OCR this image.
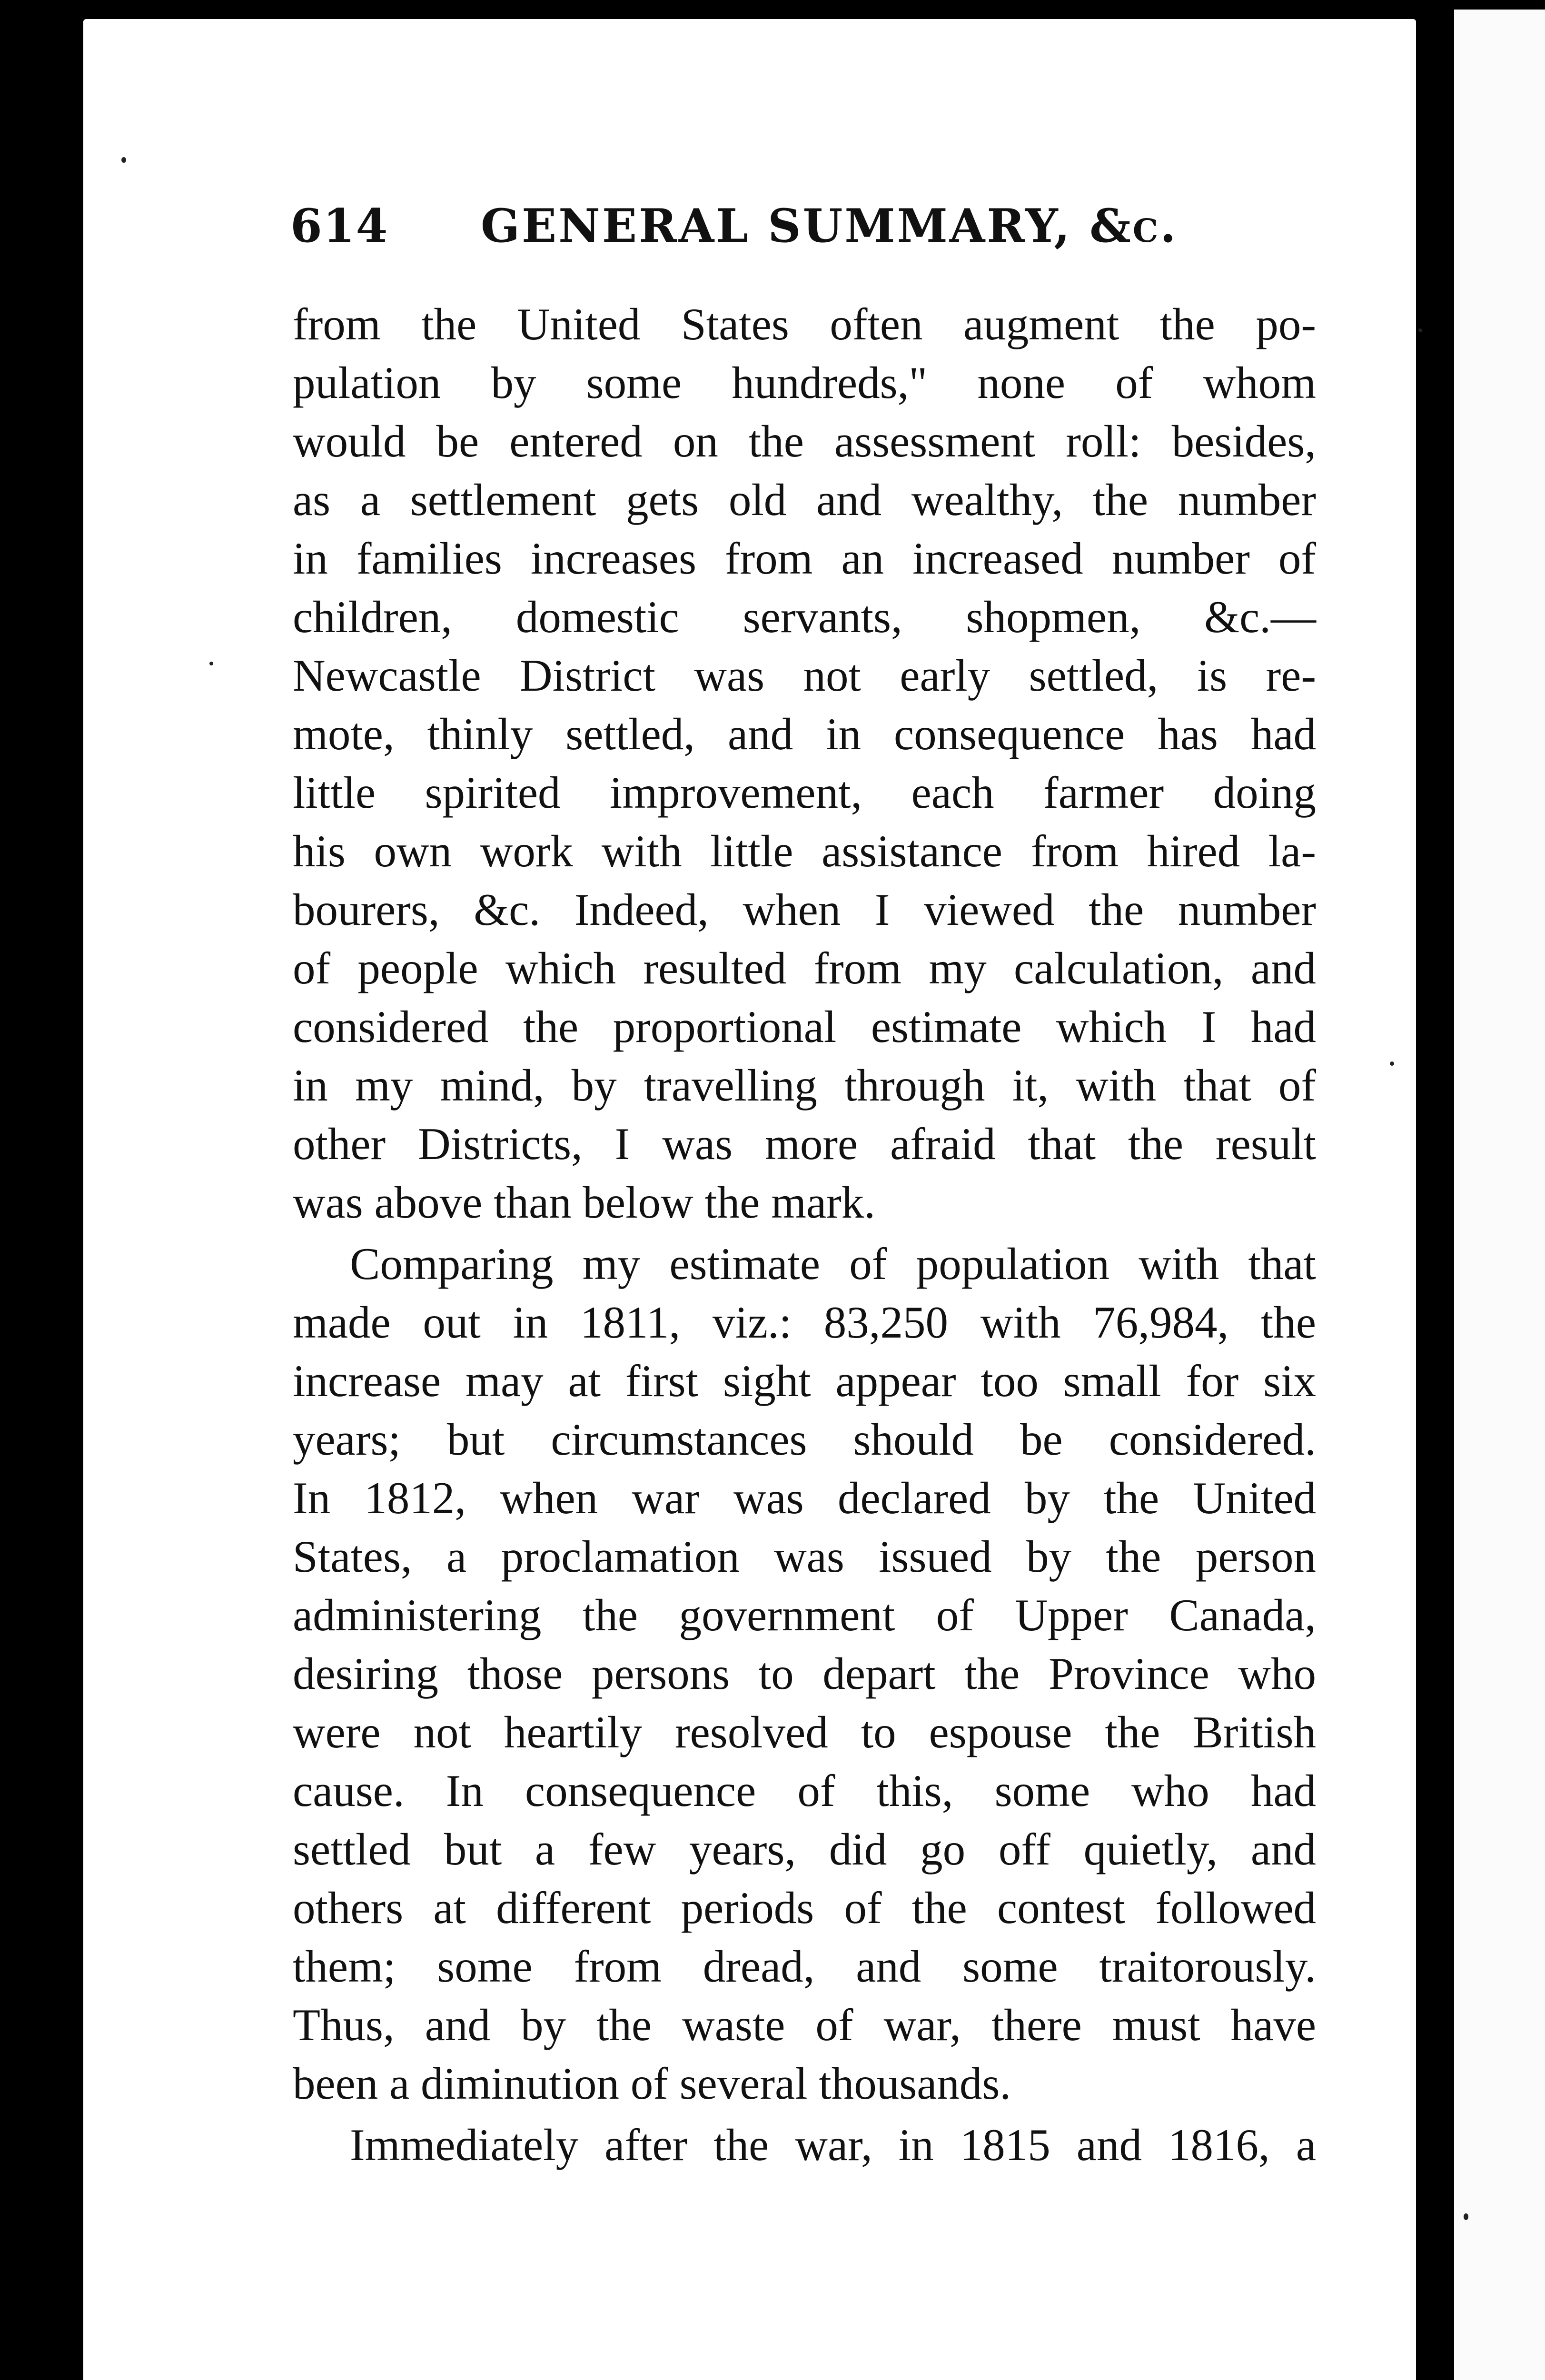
614 GENERAL SUMMARY, &c.
from the United States often augment the po-
pulation by some hundreds," none of whom
would be entered on the assessment roll: besides,
as a settlement gets old and wealthy, the number
in families increases from an increased number of
children, domestic servants, shopmen, &c.—
Newcastle District was not early settled, is re-
mote, thinly settled, and in consequence has had
little spirited improvement, each farmer doing
his own work with little assistance from hired la-
bourers, &c. Indeed, when I viewed the number
of people which resulted from my calculation, and
considered the proportional estimate which I had
in my mind, by travelling through it, with that of
other Districts, I was more afraid that the result
was above than below the mark.
Comparing my estimate of population with that
made out in 1811, viz.: 83,250 with 76,984, the
increase may at first sight appear too small for six
years; but circumstances should be considered.
In 1812, when war was declared by the United
States, a proclamation was issued by the person
administering the government of Upper Canada,
desiring those persons to depart the Province who
were not heartily resolved to espouse the British
cause. In consequence of this, some who had
settled but a few years, did go off quietly, and
others at different periods of the contest followed
them; some from dread, and some traitorously.
Thus, and by the waste of war, there must have
been a diminution of several thousands.
Immediately after the war, in 1815 and 1816, a
